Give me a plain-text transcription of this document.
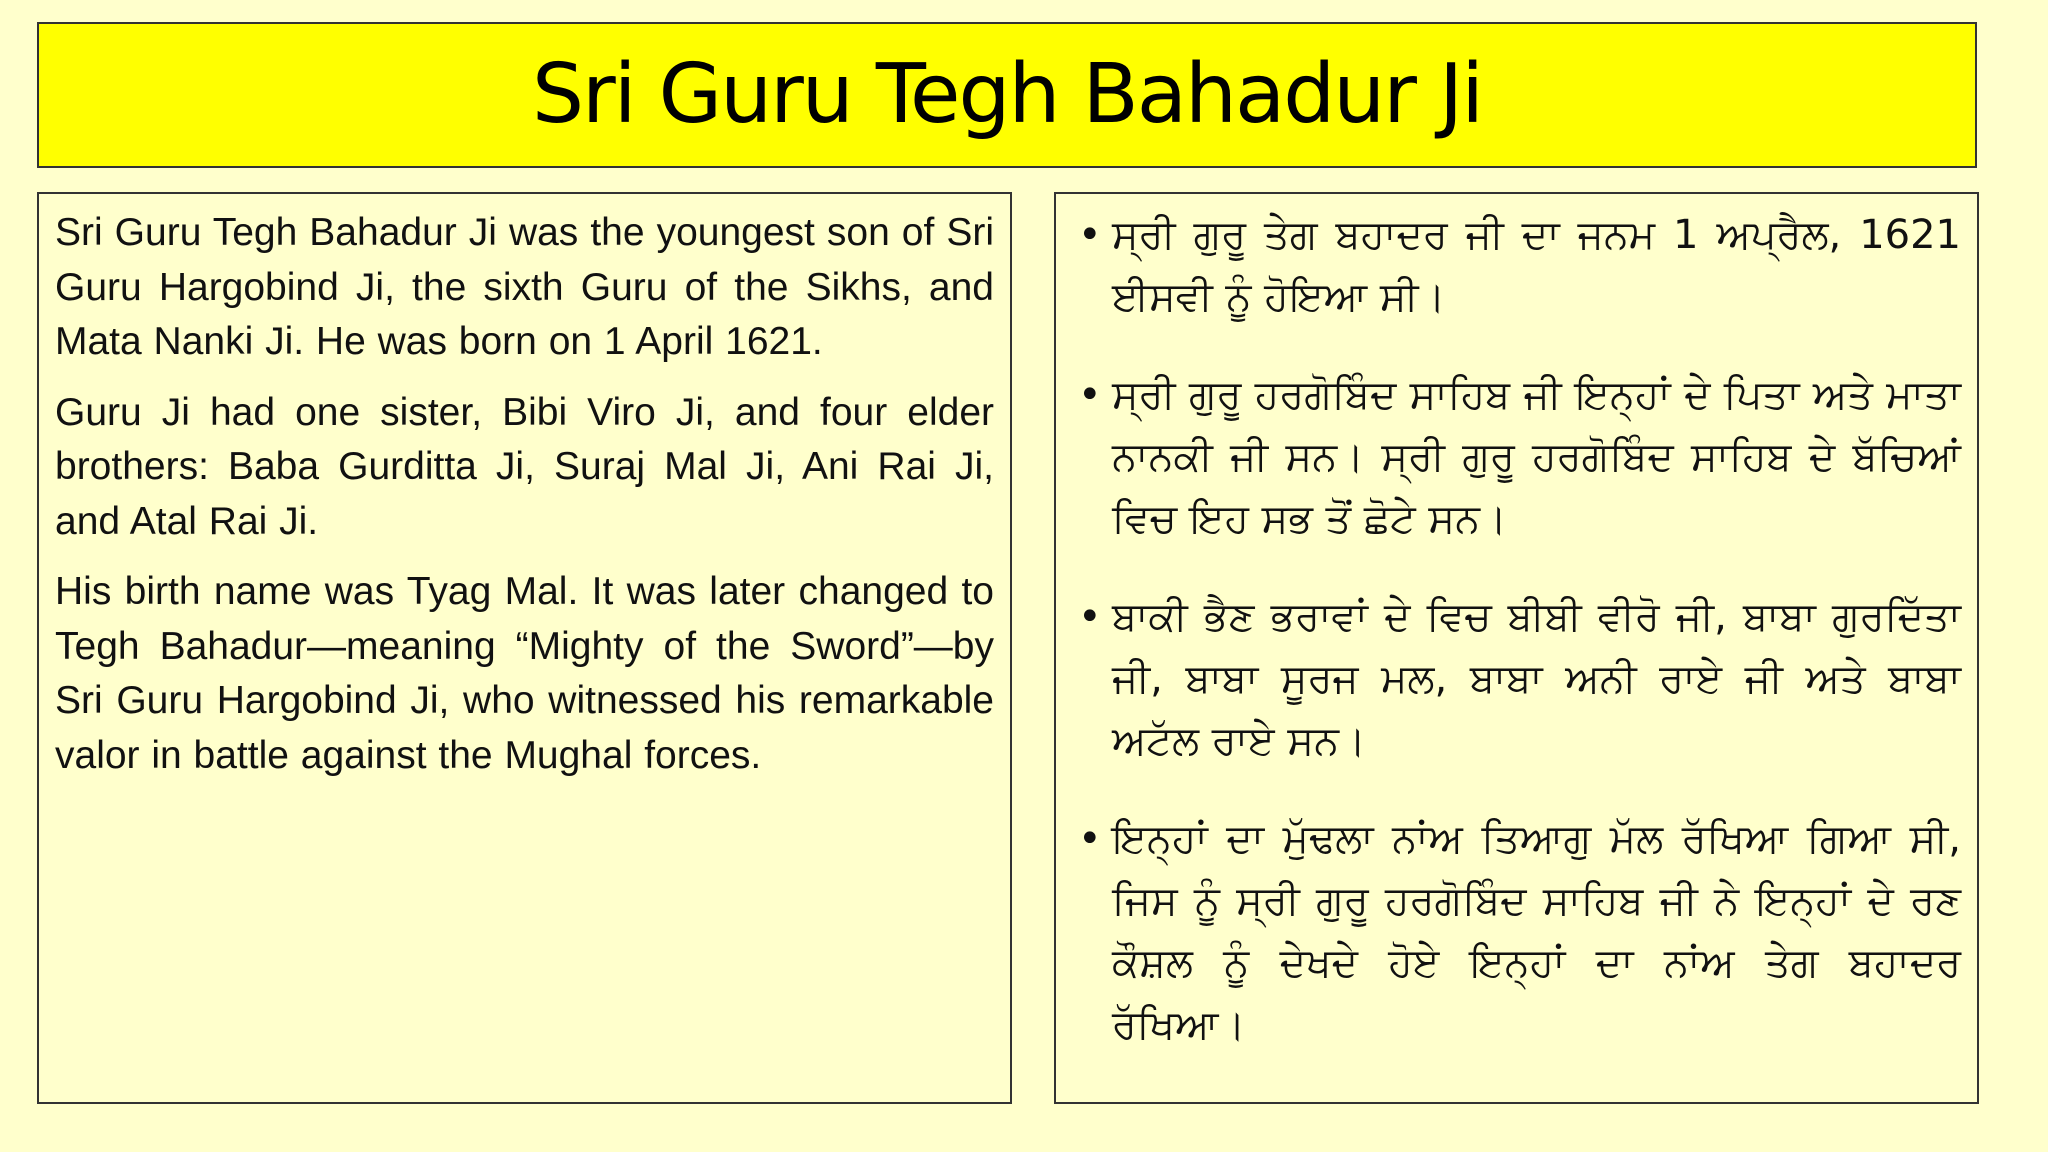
Sri Guru Tegh Bahadur Ji

Sri Guru Tegh Bahadur Ji was the youngest son of Sri Guru Hargobind Ji, the sixth Guru of the Sikhs, and Mata Nanki Ji. He was born on 1 April 1621.

Guru Ji had one sister, Bibi Viro Ji, and four elder brothers: Baba Gurditta Ji, Suraj Mal Ji, Ani Rai Ji, and Atal Rai Ji.

His birth name was Tyag Mal. It was later changed to Tegh Bahadur—meaning “Mighty of the Sword”—by Sri Guru Hargobind Ji, who witnessed his remarkable valor in battle against the Mughal forces.

• ਸ੍ਰੀ ਗੁਰੂ ਤੇਗ ਬਹਾਦਰ ਜੀ ਦਾ ਜਨਮ 1 ਅਪ੍ਰੈਲ, 1621 ਈਸਵੀ ਨੂੰ ਹੋਇਆ ਸੀ।
• ਸ੍ਰੀ ਗੁਰੂ ਹਰਗੋਬਿੰਦ ਸਾਹਿਬ ਜੀ ਇਨ੍ਹਾਂ ਦੇ ਪਿਤਾ ਅਤੇ ਮਾਤਾ ਨਾਨਕੀ ਜੀ ਸਨ। ਸ੍ਰੀ ਗੁਰੂ ਹਰਗੋਬਿੰਦ ਸਾਹਿਬ ਦੇ ਬੱਚਿਆਂ ਵਿਚ ਇਹ ਸਭ ਤੋਂ ਛੋਟੇ ਸਨ।
• ਬਾਕੀ ਭੈਣ ਭਰਾਵਾਂ ਦੇ ਵਿਚ ਬੀਬੀ ਵੀਰੋ ਜੀ, ਬਾਬਾ ਗੁਰਦਿੱਤਾ ਜੀ, ਬਾਬਾ ਸੂਰਜ ਮਲ, ਬਾਬਾ ਅਨੀ ਰਾਏ ਜੀ ਅਤੇ ਬਾਬਾ ਅਟੱਲ ਰਾਏ ਸਨ।
• ਇਨ੍ਹਾਂ ਦਾ ਮੁੱਢਲਾ ਨਾਂਅ ਤਿਆਗੁ ਮੱਲ ਰੱਖਿਆ ਗਿਆ ਸੀ, ਜਿਸ ਨੂੰ ਸ੍ਰੀ ਗੁਰੂ ਹਰਗੋਬਿੰਦ ਸਾਹਿਬ ਜੀ ਨੇ ਇਨ੍ਹਾਂ ਦੇ ਰਣ ਕੌਸ਼ਲ ਨੂੰ ਦੇਖਦੇ ਹੋਏ ਇਨ੍ਹਾਂ ਦਾ ਨਾਂਅ ਤੇਗ ਬਹਾਦਰ ਰੱਖਿਆ।
